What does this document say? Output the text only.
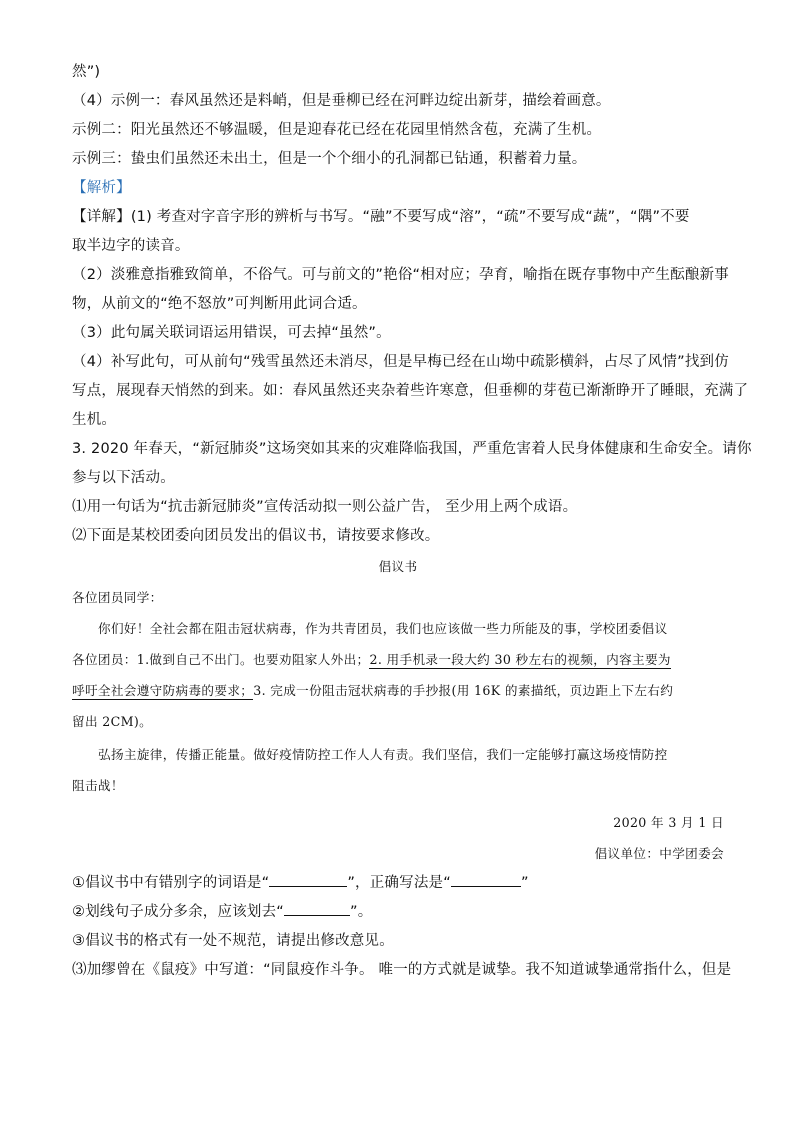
然”)
（4）示例一：春风虽然还是料峭，但是垂柳已经在河畔边绽出新芽，描绘着画意。
示例二：阳光虽然还不够温暖，但是迎春花已经在花园里悄然含苞，充满了生机。
示例三：蛰虫们虽然还未出土，但是一个个细小的孔洞都已钻通，积蓄着力量。
【解析】
【详解】(1) 考查对字音字形的辨析与书写。“融”不要写成“溶”，“疏”不要写成“蔬”，“隅”不要
取半边字的读音。
（2）淡雅意指雅致简单，不俗气。可与前文的”艳俗“相对应；孕育，喻指在既存事物中产生酝酿新事
物，从前文的“绝不怒放”可判断用此词合适。
（3）此句属关联词语运用错误，可去掉“虽然”。
（4）补写此句，可从前句“残雪虽然还未消尽，但是早梅已经在山坳中疏影横斜，占尽了风情”找到仿
写点，展现春天悄然的到来。如：春风虽然还夹杂着些许寒意，但垂柳的芽苞已渐渐睁开了睡眼，充满了
生机。
3. 2020 年春天，“新冠肺炎”这场突如其来的灾难降临我国，严重危害着人民身体健康和生命安全。请你
参与以下活动。
⑴用一句话为“抗击新冠肺炎”宣传活动拟一则公益广告， 至少用上两个成语。
⑵下面是某校团委向团员发出的倡议书，请按要求修改。
倡议书
各位团员同学：
你们好！全社会都在阻击冠状病毒，作为共青团员，我们也应该做一些力所能及的事，学校团委倡议
各位团员：1.做到自己不出门。也要劝阻家人外出；2. 用手机录一段大约 30 秒左右的视频，内容主要为
呼吁全社会遵守防病毒的要求；3. 完成一份阻击冠状病毒的手抄报(用 16K 的素描纸，页边距上下左右约
留出 2CM)。
弘扬主旋律，传播正能量。做好疫情防控工作人人有责。我们坚信，我们一定能够打赢这场疫情防控
阻击战！
2020 年 3 月 1 日
倡议单位：中学团委会
①倡议书中有错别字的词语是“	”，正确写法是“	”
②划线句子成分多余，应该划去“	”。
③倡议书的格式有一处不规范，请提出修改意见。
⑶加缪曾在《鼠疫》中写道：“同鼠疫作斗争。 唯一的方式就是诚挚。我不知道诚挚通常指什么，但是
